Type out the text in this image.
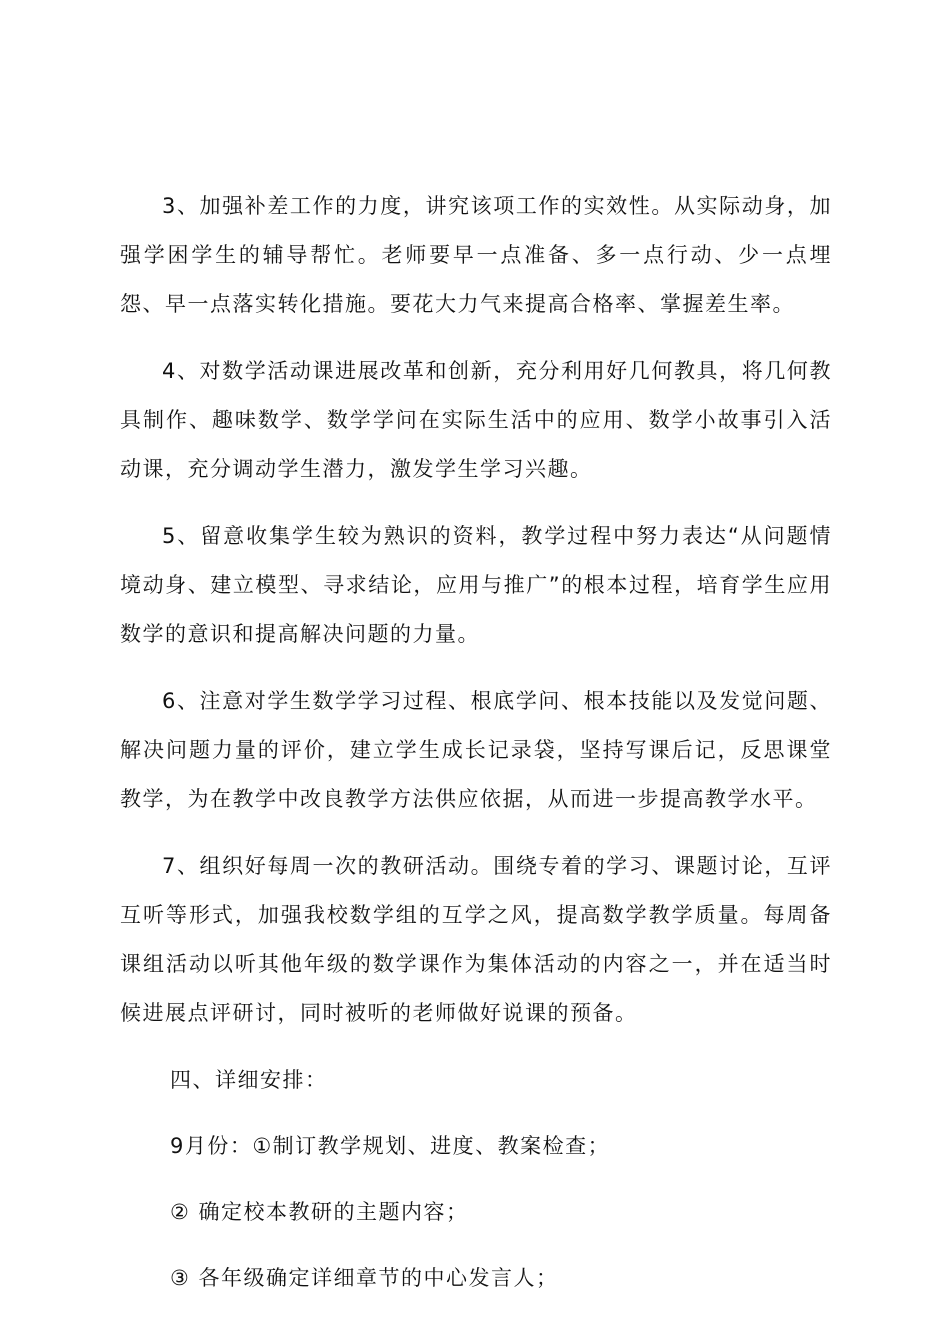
3、加强补差工作的力度，讲究该项工作的实效性。从实际动身，加强学困学生的辅导帮忙。老师要早一点准备、多一点行动、少一点埋怨、早一点落实转化措施。要花大力气来提高合格率、掌握差生率。

4、对数学活动课进展改革和创新，充分利用好几何教具，将几何教具制作、趣味数学、数学学问在实际生活中的应用、数学小故事引入活动课，充分调动学生潜力，激发学生学习兴趣。

5、留意收集学生较为熟识的资料，教学过程中努力表达“从问题情境动身、建立模型、寻求结论，应用与推广”的根本过程，培育学生应用数学的意识和提高解决问题的力量。

6、注意对学生数学学习过程、根底学问、根本技能以及发觉问题、解决问题力量的评价，建立学生成长记录袋，坚持写课后记，反思课堂教学，为在教学中改良教学方法供应依据，从而进一步提高教学水平。

7、组织好每周一次的教研活动。围绕专着的学习、课题讨论，互评互听等形式，加强我校数学组的互学之风，提高数学教学质量。每周备课组活动以听其他年级的数学课作为集体活动的内容之一，并在适当时候进展点评研讨，同时被听的老师做好说课的预备。

四、详细安排：

9月份：①制订教学规划、进度、教案检查；

② 确定校本教研的主题内容；

③ 各年级确定详细章节的中心发言人；
